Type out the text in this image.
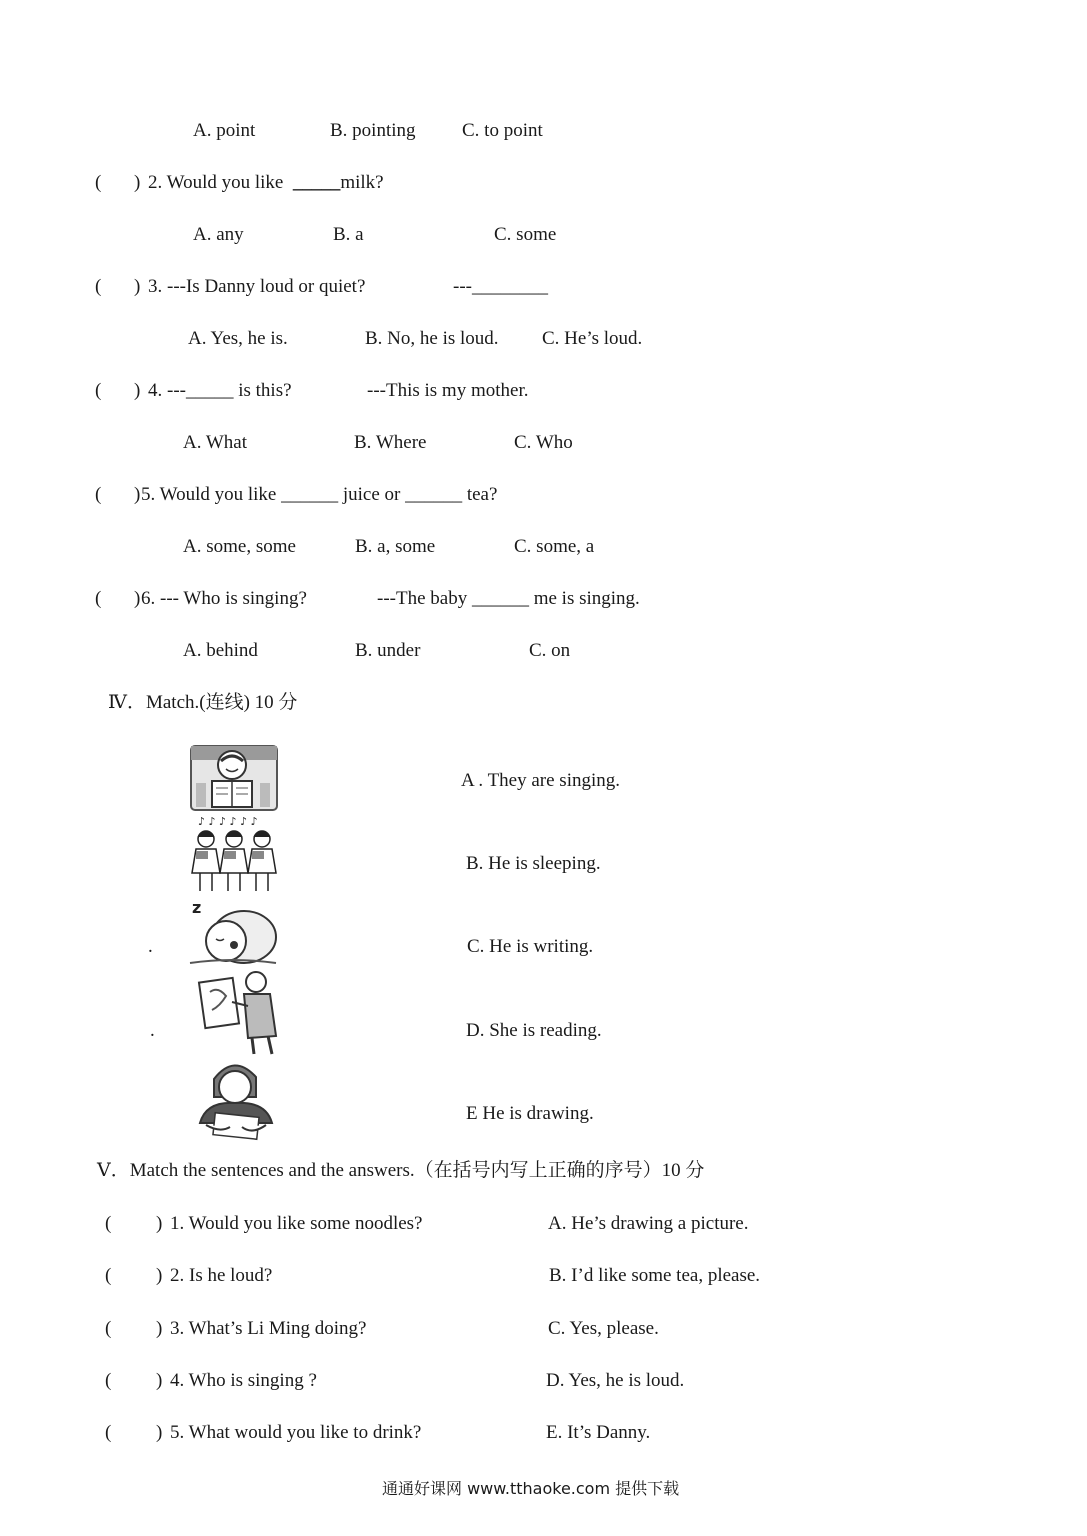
A. point	B. pointing C. to point
( ) 2. Would you like _____milk?
A. any	B. a	C. some
( ) 3. ---Is Danny loud or quiet?	---________
A. Yes, he is.	B. No, he is loud. C. He’s loud.
( ) 4. ---_____ is this?	---This is my mother.
A. What	B. Where	C. Who
( ) 5. Would you like ______ juice or ______ tea?
A. some, some	B. a, some	C. some, a
( ) 6. --- Who is singing?	---The baby ______ me is singing.
A. behind	B. under	C. on
Ⅳ．Match.(连线) 10 分
♪ ♪ ♪ ♪ ♪ ♪
.
z
.
A . They are singing.
B. He is sleeping.
C. He is writing.
D. She is reading.
E He is drawing.
Ⅴ．Match the sentences and the answers.（在括号内写上正确的序号）10 分
( ) 1. Would you like some noodles?	A. He’s drawing a picture.
( ) 2. Is he loud?	B. I’d like some tea, please.
( ) 3. What’s Li Ming doing?	C. Yes, please.
( ) 4. Who is singing ?	D. Yes, he is loud.
( ) 5. What would you like to drink?	E. It’s Danny.
通通好课网 www.tthaoke.com 提供下载
